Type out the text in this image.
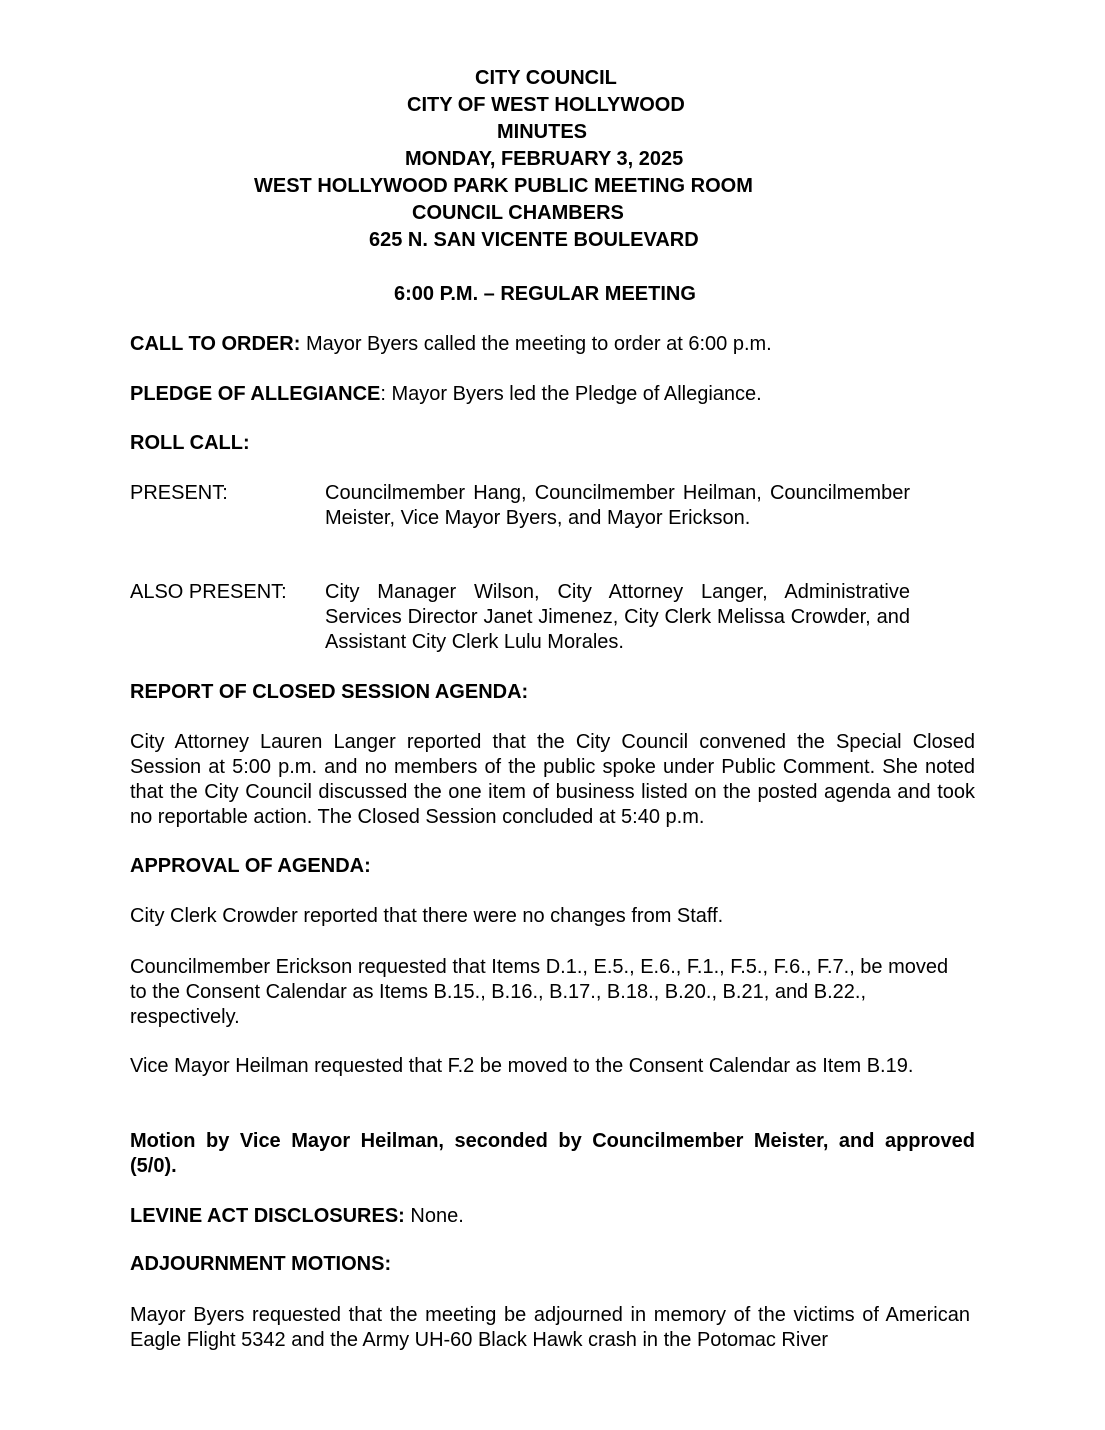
CITY COUNCIL
CITY OF WEST HOLLYWOOD
MINUTES
MONDAY, FEBRUARY 3, 2025
WEST HOLLYWOOD PARK PUBLIC MEETING ROOM
COUNCIL CHAMBERS
625 N. SAN VICENTE BOULEVARD
6:00 P.M. – REGULAR MEETING
CALL TO ORDER: Mayor Byers called the meeting to order at 6:00 p.m.
PLEDGE OF ALLEGIANCE: Mayor Byers led the Pledge of Allegiance.
ROLL CALL:
PRESENT:	Councilmember Hang, Councilmember Heilman, Councilmember Meister, Vice Mayor Byers, and Mayor Erickson.
ALSO PRESENT: City Manager Wilson, City Attorney Langer, Administrative Services Director Janet Jimenez, City Clerk Melissa Crowder, and Assistant City Clerk Lulu Morales.
REPORT OF CLOSED SESSION AGENDA:
City Attorney Lauren Langer reported that the City Council convened the Special Closed Session at 5:00 p.m. and no members of the public spoke under Public Comment. She noted that the City Council discussed the one item of business listed on the posted agenda and took no reportable action. The Closed Session concluded at 5:40 p.m.
APPROVAL OF AGENDA:
City Clerk Crowder reported that there were no changes from Staff.
Councilmember Erickson requested that Items D.1., E.5., E.6., F.1., F.5., F.6., F.7., be moved to the Consent Calendar as Items B.15., B.16., B.17., B.18., B.20., B.21, and B.22., respectively.
Vice Mayor Heilman requested that F.2 be moved to the Consent Calendar as Item B.19.
Motion by Vice Mayor Heilman, seconded by Councilmember Meister, and approved (5/0).
LEVINE ACT DISCLOSURES: None.
ADJOURNMENT MOTIONS:
Mayor Byers requested that the meeting be adjourned in memory of the victims of American Eagle Flight 5342 and the Army UH-60 Black Hawk crash in the Potomac River
